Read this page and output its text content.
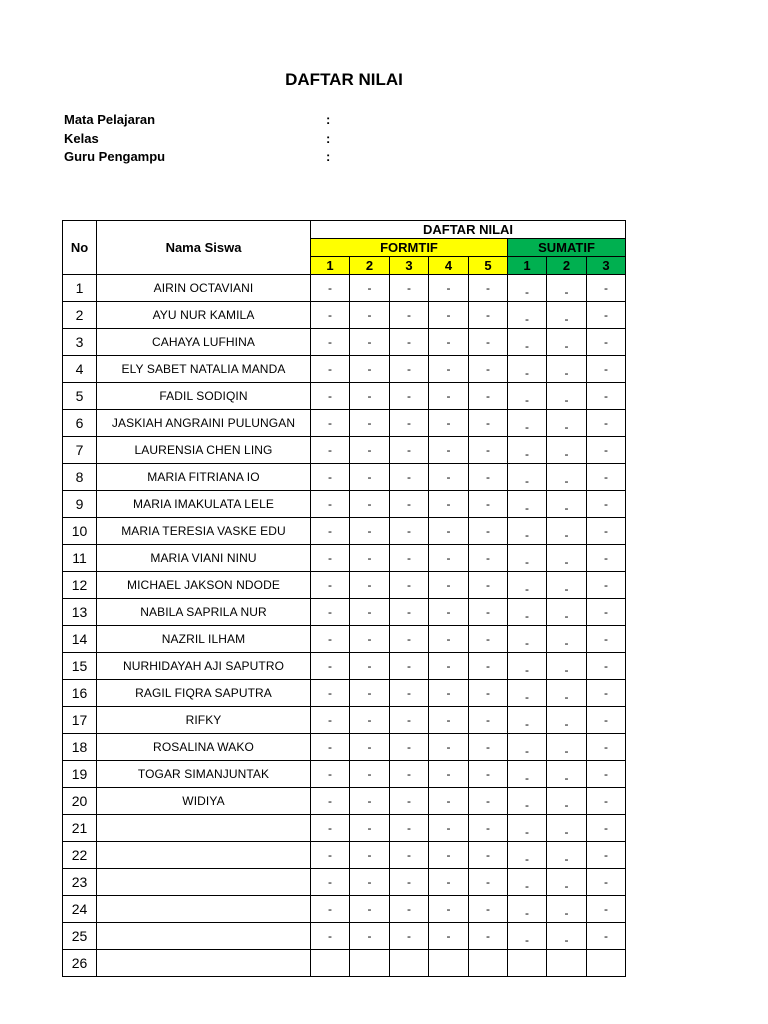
DAFTAR NILAI
Mata Pelajaran	:
Kelas	:
Guru Pengampu	:
No	Nama Siswa	DAFTAR NILAI							
		FORMTIF					SUMATIF		
		1	2	3	4	5	1	2	3
1	AIRIN OCTAVIANI	-	-	-	-	-	-	-	-
2	AYU NUR KAMILA	-	-	-	-	-	-	-	-
3	CAHAYA LUFHINA	-	-	-	-	-	-	-	-
4	ELY SABET NATALIA MANDA	-	-	-	-	-	-	-	-
5	FADIL SODIQIN	-	-	-	-	-	-	-	-
6	JASKIAH ANGRAINI PULUNGAN	-	-	-	-	-	-	-	-
7	LAURENSIA CHEN LING	-	-	-	-	-	-	-	-
8	MARIA FITRIANA IO	-	-	-	-	-	-	-	-
9	MARIA IMAKULATA LELE	-	-	-	-	-	-	-	-
10	MARIA TERESIA VASKE EDU	-	-	-	-	-	-	-	-
11	MARIA VIANI NINU	-	-	-	-	-	-	-	-
12	MICHAEL JAKSON NDODE	-	-	-	-	-	-	-	-
13	NABILA SAPRILA NUR	-	-	-	-	-	-	-	-
14	NAZRIL ILHAM	-	-	-	-	-	-	-	-
15	NURHIDAYAH AJI SAPUTRO	-	-	-	-	-	-	-	-
16	RAGIL FIQRA SAPUTRA	-	-	-	-	-	-	-	-
17	RIFKY	-	-	-	-	-	-	-	-
18	ROSALINA WAKO	-	-	-	-	-	-	-	-
19	TOGAR SIMANJUNTAK	-	-	-	-	-	-	-	-
20	WIDIYA	-	-	-	-	-	-	-	-
21		-	-	-	-	-	-	-	-
22		-	-	-	-	-	-	-	-
23		-	-	-	-	-	-	-	-
24		-	-	-	-	-	-	-	-
25		-	-	-	-	-	-	-	-
26									
